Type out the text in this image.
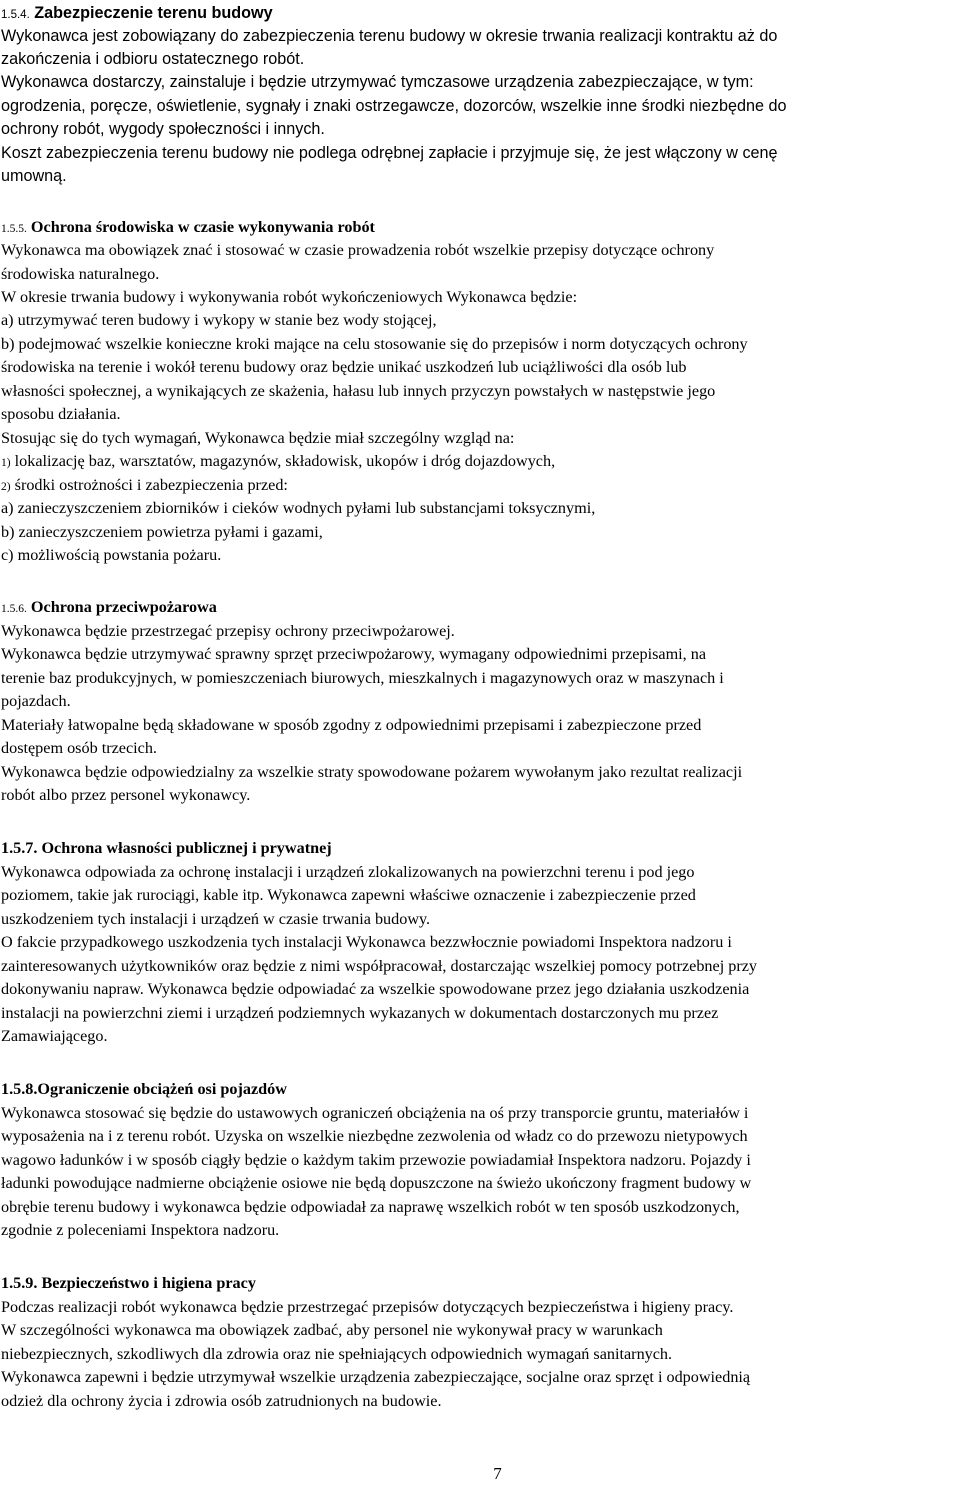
1.5.4. Zabezpieczenie terenu budowy
Wykonawca jest zobowiązany do zabezpieczenia terenu budowy w okresie trwania realizacji kontraktu aż do
zakończenia i odbioru ostatecznego robót.
Wykonawca dostarczy, zainstaluje i będzie utrzymywać tymczasowe urządzenia zabezpieczające, w tym:
ogrodzenia, poręcze, oświetlenie, sygnały i znaki ostrzegawcze, dozorców, wszelkie inne środki niezbędne do
ochrony robót, wygody społeczności i innych.
Koszt zabezpieczenia terenu budowy nie podlega odrębnej zapłacie i przyjmuje się, że jest włączony w cenę
umowną.
1.5.5. Ochrona środowiska w czasie wykonywania robót
Wykonawca ma obowiązek znać i stosować w czasie prowadzenia robót wszelkie przepisy dotyczące ochrony
środowiska naturalnego.
W okresie trwania budowy i wykonywania robót wykończeniowych Wykonawca będzie:
a) utrzymywać teren budowy i wykopy w stanie bez wody stojącej,
b) podejmować wszelkie konieczne kroki mające na celu stosowanie się do przepisów i norm dotyczących ochrony
środowiska na terenie i wokół terenu budowy oraz będzie unikać uszkodzeń lub uciążliwości dla osób lub
własności społecznej, a wynikających ze skażenia, hałasu lub innych przyczyn powstałych w następstwie jego
sposobu działania.
Stosując się do tych wymagań, Wykonawca będzie miał szczególny wzgląd na:
1) lokalizację baz, warsztatów, magazynów, składowisk, ukopów i dróg dojazdowych,
2) środki ostrożności i zabezpieczenia przed:
a) zanieczyszczeniem zbiorników i cieków wodnych pyłami lub substancjami toksycznymi,
b) zanieczyszczeniem powietrza pyłami i gazami,
c) możliwością powstania pożaru.
1.5.6. Ochrona przeciwpożarowa
Wykonawca będzie przestrzegać przepisy ochrony przeciwpożarowej.
Wykonawca będzie utrzymywać sprawny sprzęt przeciwpożarowy, wymagany odpowiednimi przepisami, na
terenie baz produkcyjnych, w pomieszczeniach biurowych, mieszkalnych i magazynowych oraz w maszynach i
pojazdach.
Materiały łatwopalne będą składowane w sposób zgodny z odpowiednimi przepisami i zabezpieczone przed
dostępem osób trzecich.
Wykonawca będzie odpowiedzialny za wszelkie straty spowodowane pożarem wywołanym jako rezultat realizacji
robót albo przez personel wykonawcy.
1.5.7. Ochrona własności publicznej i prywatnej
Wykonawca odpowiada za ochronę instalacji i urządzeń zlokalizowanych na powierzchni terenu i pod jego
poziomem, takie jak rurociągi, kable itp. Wykonawca zapewni właściwe oznaczenie i zabezpieczenie przed
uszkodzeniem tych instalacji i urządzeń w czasie trwania budowy.
O fakcie przypadkowego uszkodzenia tych instalacji Wykonawca bezzwłocznie powiadomi Inspektora nadzoru i
zainteresowanych użytkowników oraz będzie z nimi współpracował, dostarczając wszelkiej pomocy potrzebnej przy
dokonywaniu napraw. Wykonawca będzie odpowiadać za wszelkie spowodowane przez jego działania uszkodzenia
instalacji na powierzchni ziemi i urządzeń podziemnych wykazanych w dokumentach dostarczonych mu przez
Zamawiającego.
1.5.8.Ograniczenie obciążeń osi pojazdów
Wykonawca stosować się będzie do ustawowych ograniczeń obciążenia na oś przy transporcie gruntu, materiałów i
wyposażenia na i z terenu robót. Uzyska on wszelkie niezbędne zezwolenia od władz co do przewozu nietypowych
wagowo ładunków i w sposób ciągły będzie o każdym takim przewozie powiadamiał Inspektora nadzoru. Pojazdy i
ładunki powodujące nadmierne obciążenie osiowe nie będą dopuszczone na świeżo ukończony fragment budowy w
obrębie terenu budowy i wykonawca będzie odpowiadał za naprawę wszelkich robót w ten sposób uszkodzonych,
zgodnie z poleceniami Inspektora nadzoru.
1.5.9. Bezpieczeństwo i higiena pracy
Podczas realizacji robót wykonawca będzie przestrzegać przepisów dotyczących bezpieczeństwa i higieny pracy.
W szczególności wykonawca ma obowiązek zadbać, aby personel nie wykonywał pracy w warunkach
niebezpiecznych, szkodliwych dla zdrowia oraz nie spełniających odpowiednich wymagań sanitarnych.
Wykonawca zapewni i będzie utrzymywał wszelkie urządzenia zabezpieczające, socjalne oraz sprzęt i odpowiednią
odzież dla ochrony życia i zdrowia osób zatrudnionych na budowie.
7
